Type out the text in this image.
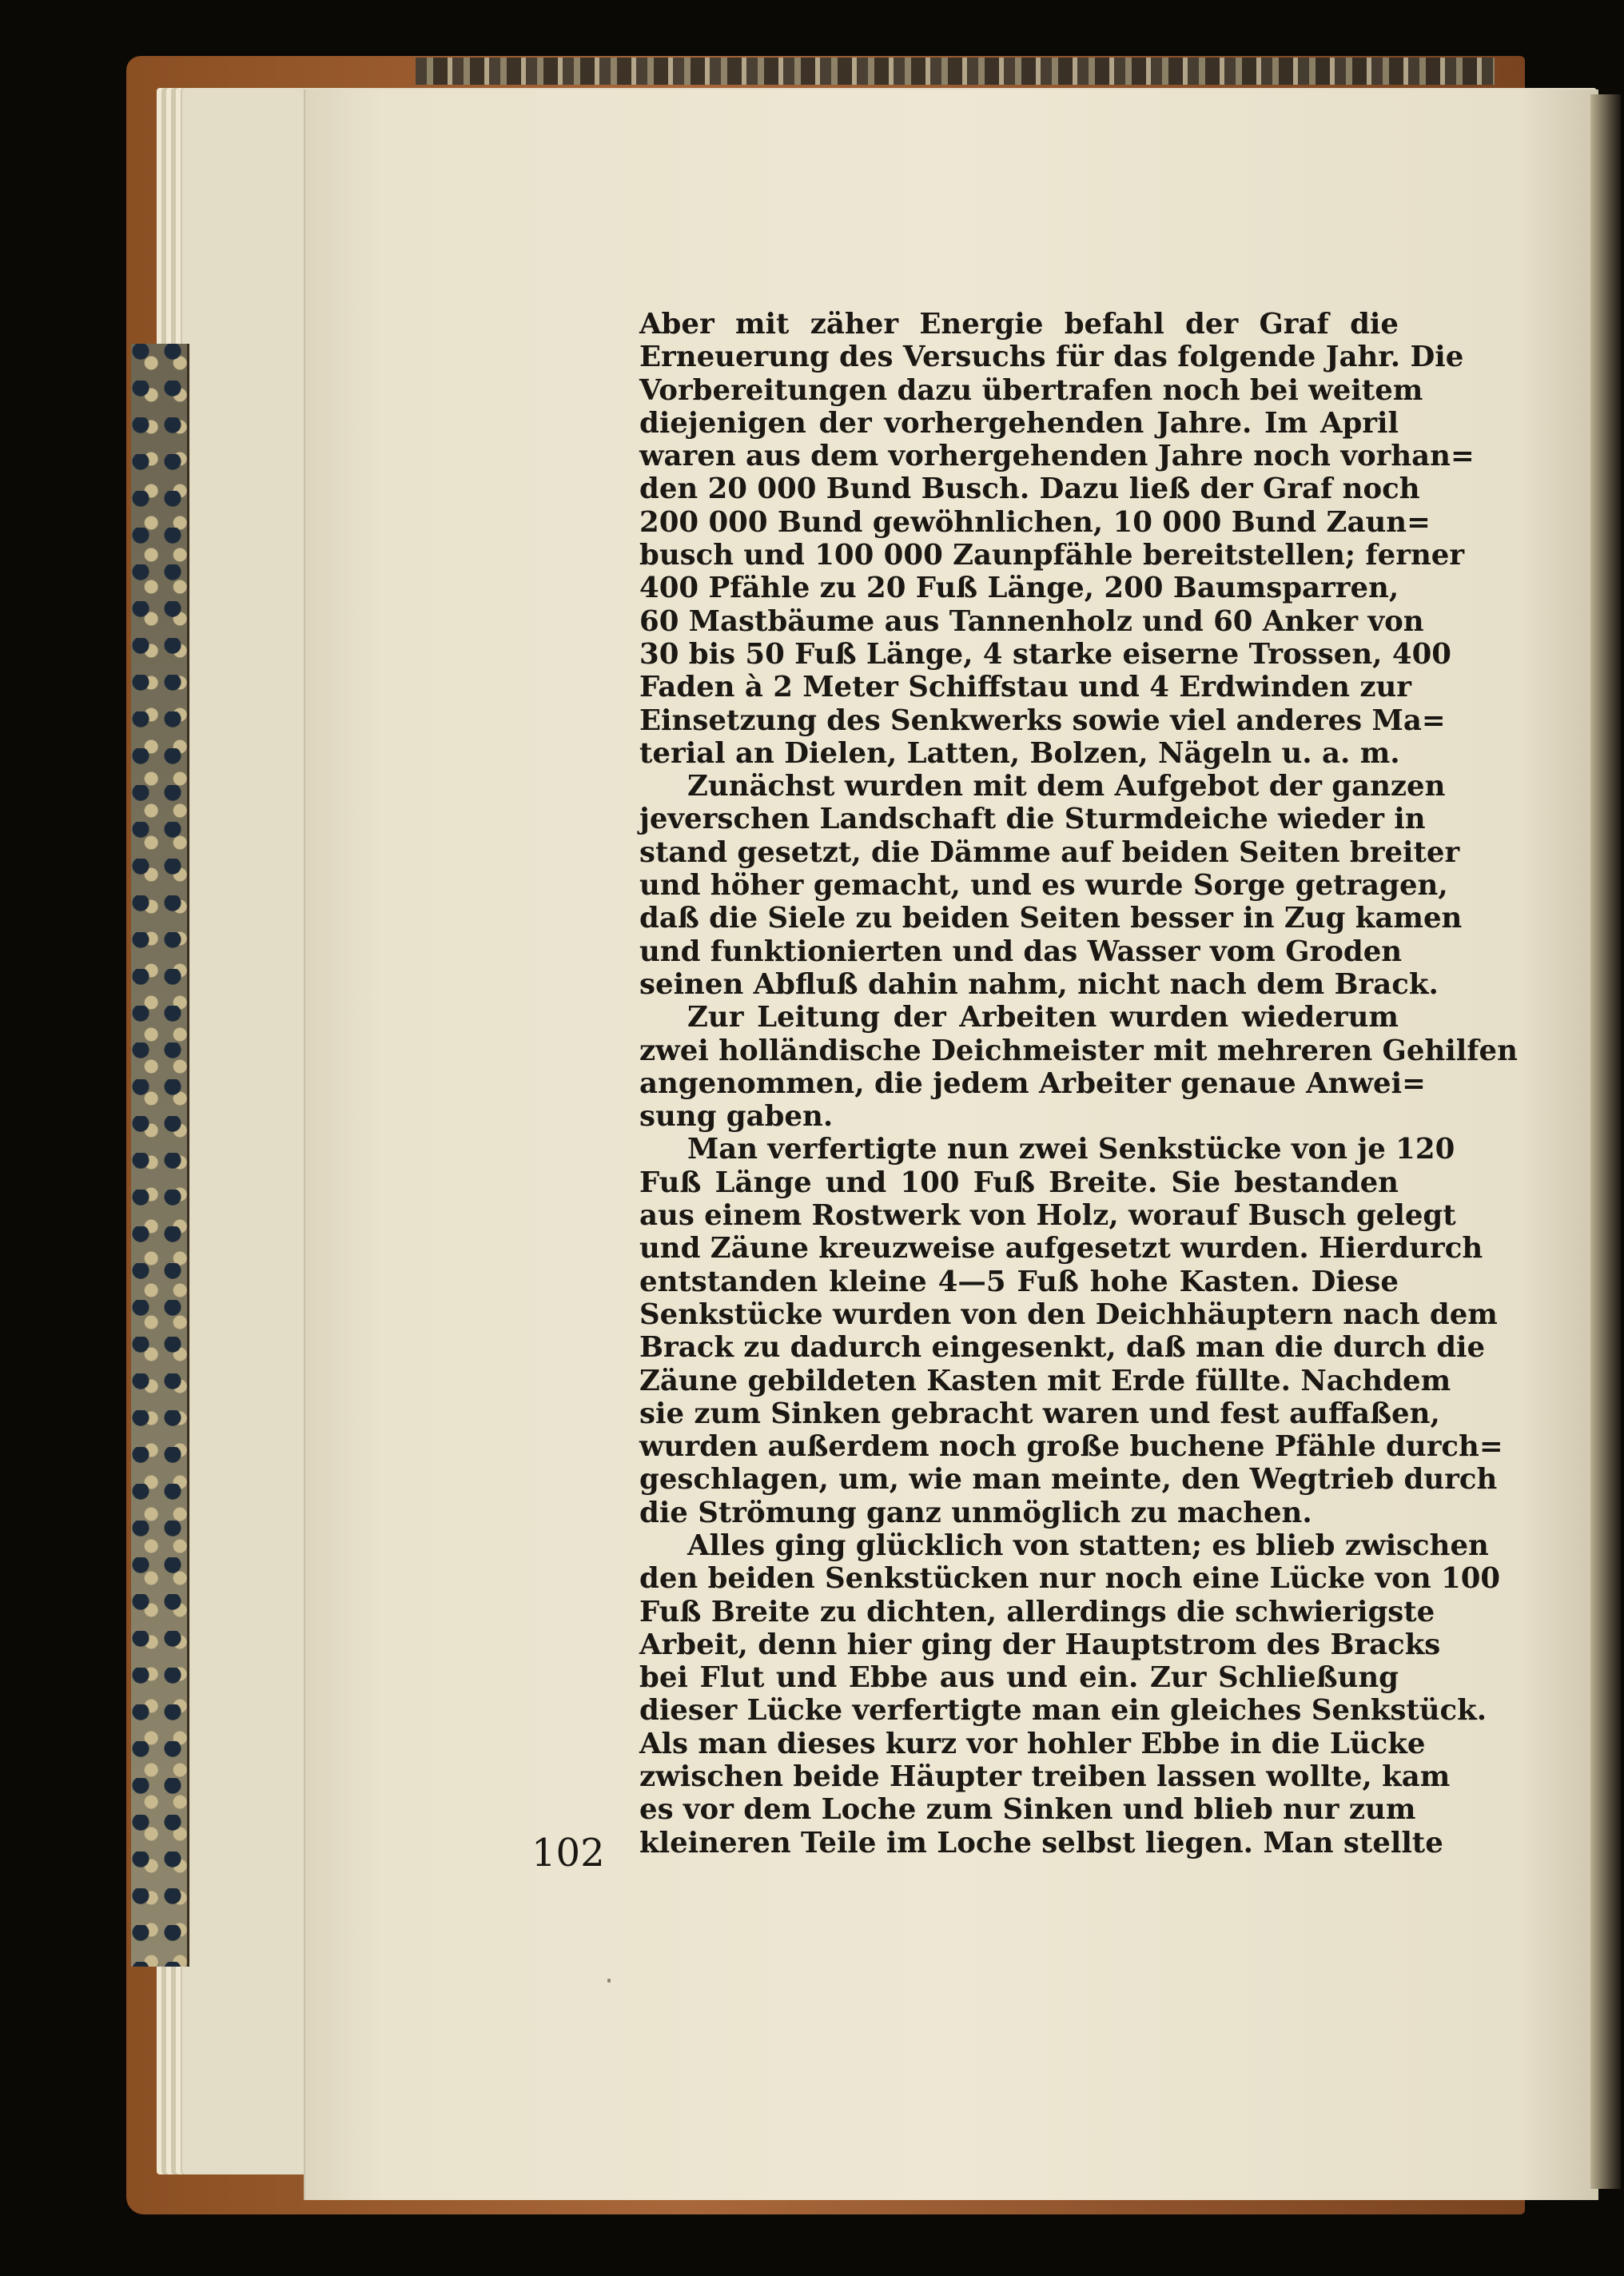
Aber mit zäher Energie befahl der Graf die
Erneuerung des Versuchs für das folgende Jahr. Die
Vorbereitungen dazu übertrafen noch bei weitem
diejenigen der vorhergehenden Jahre. Im April
waren aus dem vorhergehenden Jahre noch vorhan=
den 20 000 Bund Busch. Dazu ließ der Graf noch
200 000 Bund gewöhnlichen, 10 000 Bund Zaun=
busch und 100 000 Zaunpfähle bereitstellen; ferner
400 Pfähle zu 20 Fuß Länge, 200 Baumsparren,
60 Mastbäume aus Tannenholz und 60 Anker von
30 bis 50 Fuß Länge, 4 starke eiserne Trossen, 400
Faden à 2 Meter Schiffstau und 4 Erdwinden zur
Einsetzung des Senkwerks sowie viel anderes Ma=
terial an Dielen, Latten, Bolzen, Nägeln u. a. m.
Zunächst wurden mit dem Aufgebot der ganzen
jeverschen Landschaft die Sturmdeiche wieder in
stand gesetzt, die Dämme auf beiden Seiten breiter
und höher gemacht, und es wurde Sorge getragen,
daß die Siele zu beiden Seiten besser in Zug kamen
und funktionierten und das Wasser vom Groden
seinen Abfluß dahin nahm, nicht nach dem Brack.
Zur Leitung der Arbeiten wurden wiederum
zwei holländische Deichmeister mit mehreren Gehilfen
angenommen, die jedem Arbeiter genaue Anwei=
sung gaben.
Man verfertigte nun zwei Senkstücke von je 120
Fuß Länge und 100 Fuß Breite. Sie bestanden
aus einem Rostwerk von Holz, worauf Busch gelegt
und Zäune kreuzweise aufgesetzt wurden. Hierdurch
entstanden kleine 4—5 Fuß hohe Kasten. Diese
Senkstücke wurden von den Deichhäuptern nach dem
Brack zu dadurch eingesenkt, daß man die durch die
Zäune gebildeten Kasten mit Erde füllte. Nachdem
sie zum Sinken gebracht waren und fest auffaßen,
wurden außerdem noch große buchene Pfähle durch=
geschlagen, um, wie man meinte, den Wegtrieb durch
die Strömung ganz unmöglich zu machen.
Alles ging glücklich von statten; es blieb zwischen
den beiden Senkstücken nur noch eine Lücke von 100
Fuß Breite zu dichten, allerdings die schwierigste
Arbeit, denn hier ging der Hauptstrom des Bracks
bei Flut und Ebbe aus und ein. Zur Schließung
dieser Lücke verfertigte man ein gleiches Senkstück.
Als man dieses kurz vor hohler Ebbe in die Lücke
zwischen beide Häupter treiben lassen wollte, kam
es vor dem Loche zum Sinken und blieb nur zum
kleineren Teile im Loche selbst liegen. Man stellte
102
